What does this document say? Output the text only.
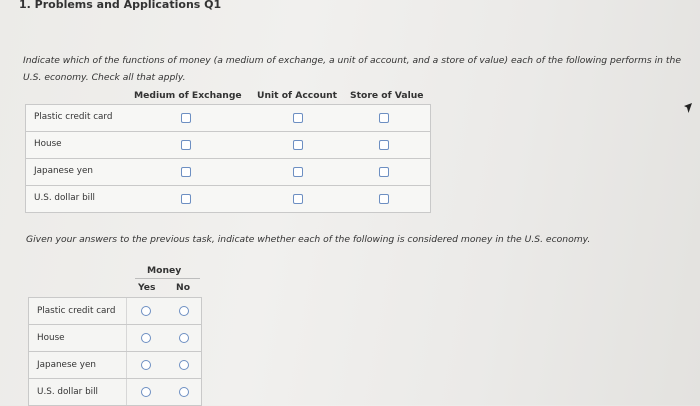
1. Problems and Applications Q1
Indicate which of the functions of money (a medium of exchange, a unit of account, and a store of value) each of the following performs in the U.S. economy. Check all that apply.
Medium of Exchange Unit of Account Store of Value
Plastic credit card
House
Japanese yen
U.S. dollar bill
Given your answers to the previous task, indicate whether each of the following is considered money in the U.S. economy.
Money
Yes No
Plastic credit card
House
Japanese yen
U.S. dollar bill
